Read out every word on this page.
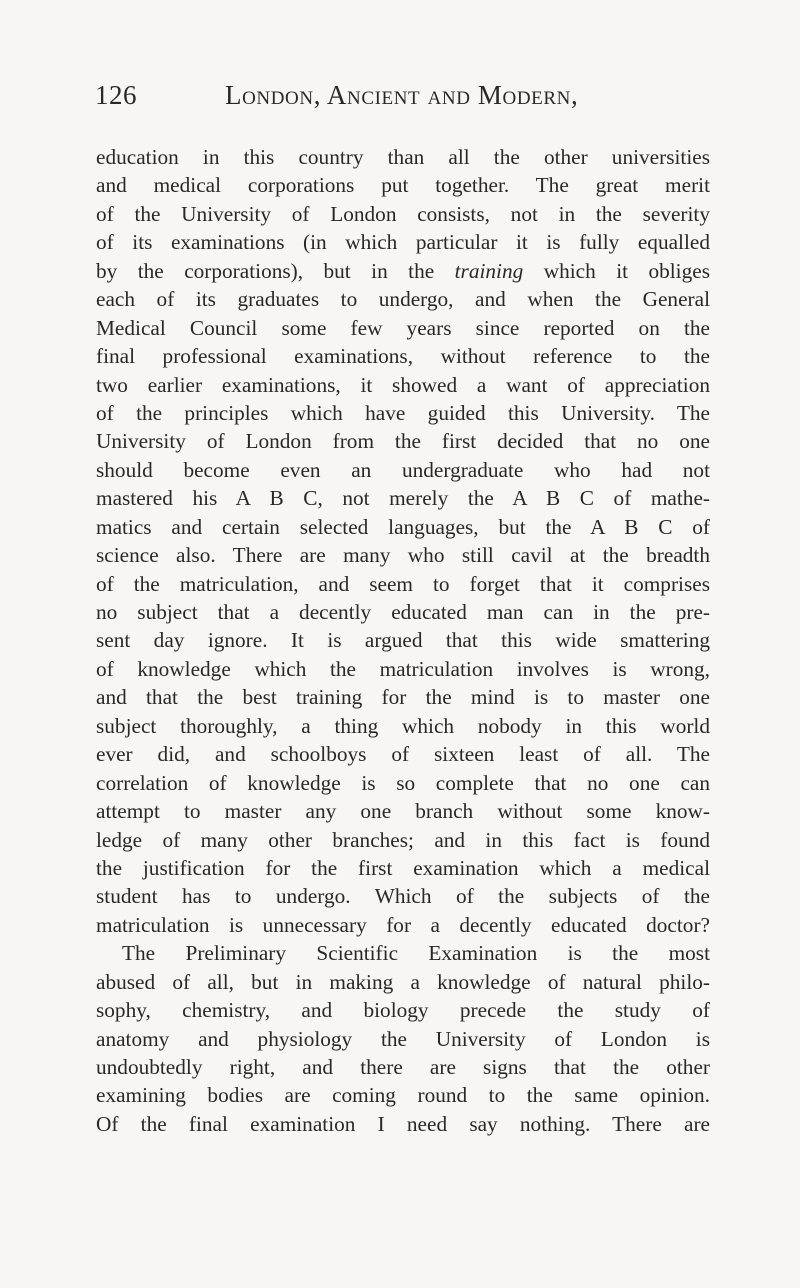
126	London, Ancient and Modern,
education in this country than all the other universities
and medical corporations put together. The great merit
of the University of London consists, not in the severity
of its examinations (in which particular it is fully equalled
by the corporations), but in the training which it obliges
each of its graduates to undergo, and when the General
Medical Council some few years since reported on the
final professional examinations, without reference to the
two earlier examinations, it showed a want of appreciation
of the principles which have guided this University. The
University of London from the first decided that no one
should become even an undergraduate who had not
mastered his A B C, not merely the A B C of mathe-
matics and certain selected languages, but the A B C of
science also. There are many who still cavil at the breadth
of the matriculation, and seem to forget that it comprises
no subject that a decently educated man can in the pre-
sent day ignore. It is argued that this wide smattering
of knowledge which the matriculation involves is wrong,
and that the best training for the mind is to master one
subject thoroughly, a thing which nobody in this world
ever did, and schoolboys of sixteen least of all. The
correlation of knowledge is so complete that no one can
attempt to master any one branch without some know-
ledge of many other branches; and in this fact is found
the justification for the first examination which a medical
student has to undergo. Which of the subjects of the
matriculation is unnecessary for a decently educated doctor?
The Preliminary Scientific Examination is the most
abused of all, but in making a knowledge of natural philo-
sophy, chemistry, and biology precede the study of
anatomy and physiology the University of London is
undoubtedly right, and there are signs that the other
examining bodies are coming round to the same opinion.
Of the final examination I need say nothing. There are
